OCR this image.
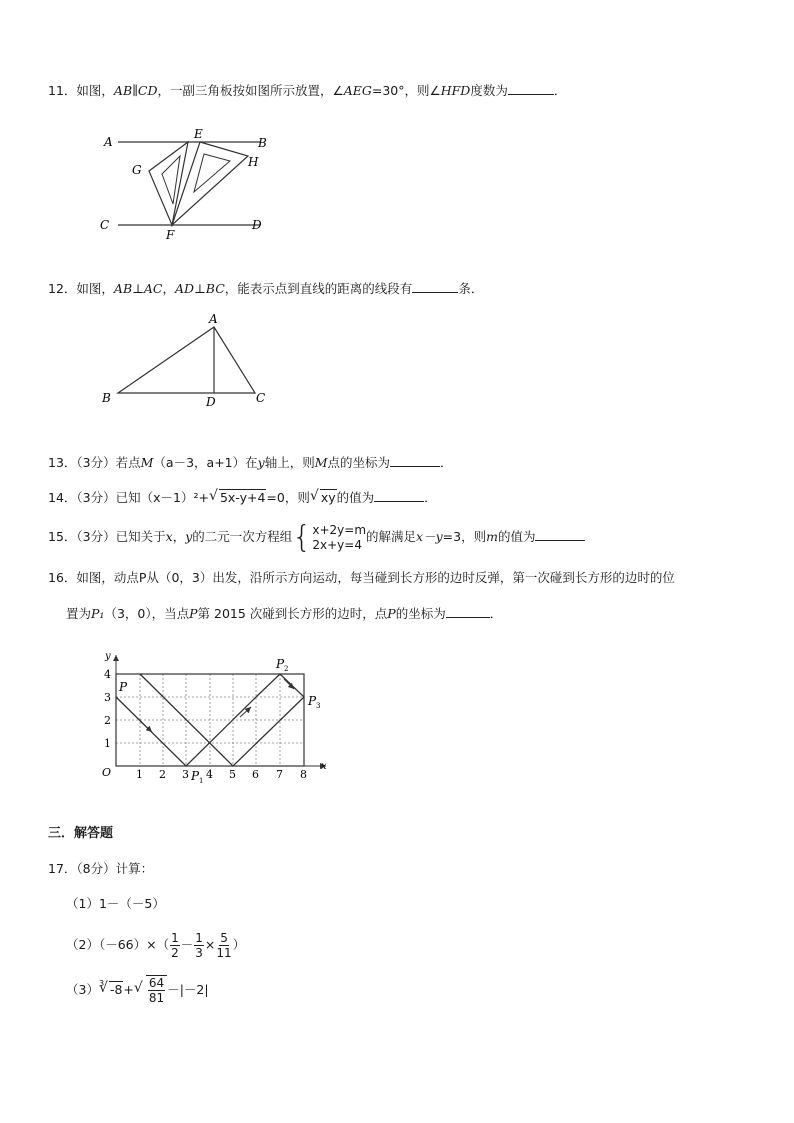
11．如图，AB∥CD，一副三角板按如图所示放置，∠AEG=30°，则∠HFD度数为	．
A	B
C	D
E
F
G
H
12．如图，AB⊥AC，AD⊥BC，能表示点到直线的距离的线段有	条．
A
B	C
D
13．（3分）若点M（a－3，a+1）在y轴上，则M点的坐标为	．
14．（3分）已知（x－1）²+ √ 5x-y+4=0，则 √ xy的值为	．
15．（3分）已知关于x，y的二元一次方程组 { x+2y=m
2x+y=4
的解满足x－y=3，则m的值为
16．如图，动点P从（0，3）出发，沿所示方向运动，每当碰到长方形的边时反弹，第一次碰到长方形的边时的位
置为P₁（3，0），当点P第 2015 次碰到长方形的边时，点P的坐标为	．
y
x
O 1 2 3 4 5 6 7 8
1
2
3
4
P
P 1
P 2
P 3
三．解答题
17．（8分）计算：
（1）1－（－5）
$(2)(-66)\times( \frac{1}{2} - \frac{1}{3} \times \frac{5}{11}$ ）
（3） √ 3 -8+ √ $\frac{64}{81} -|-2|$
